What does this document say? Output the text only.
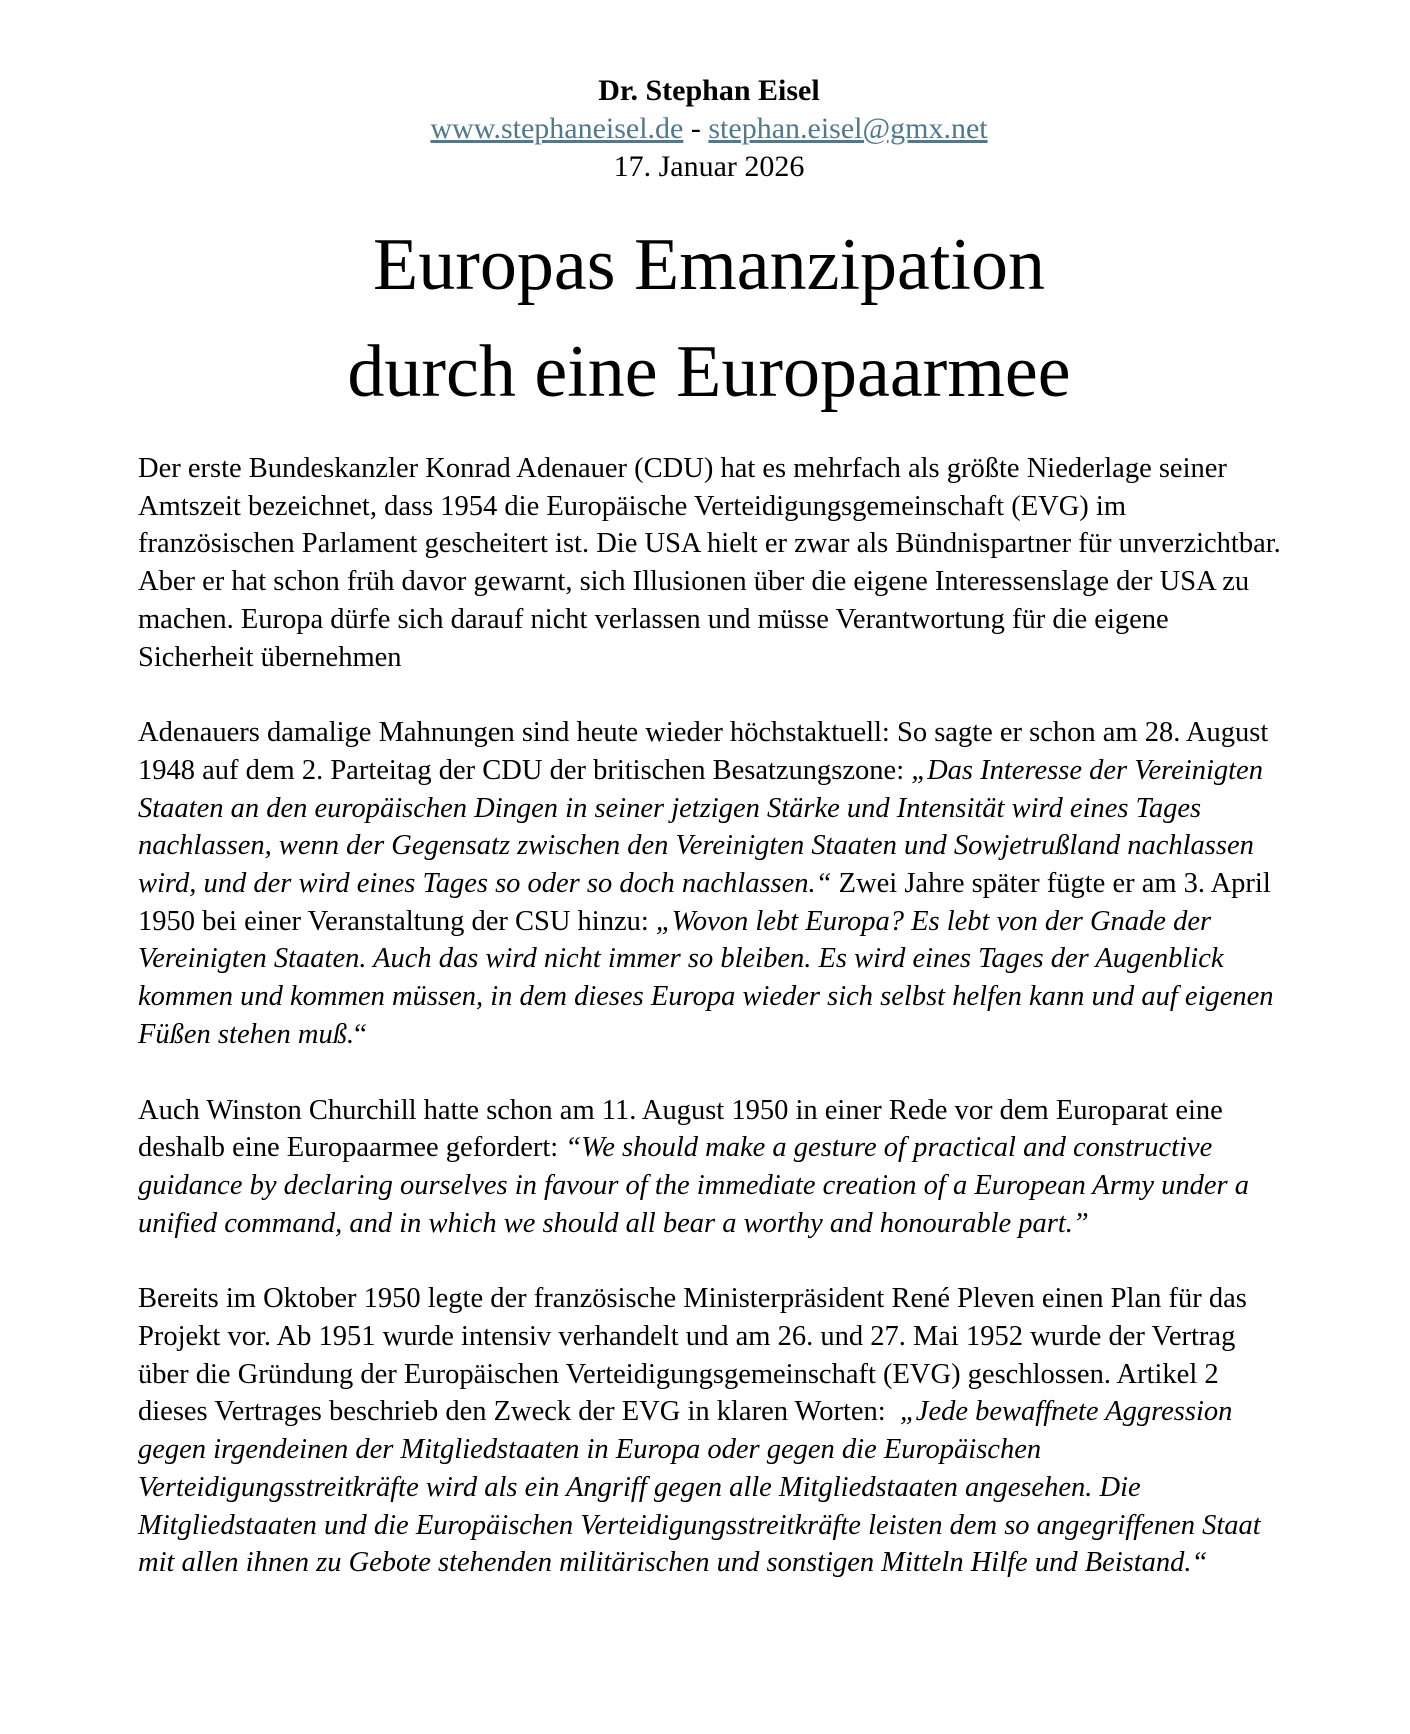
Dr. Stephan Eisel
www.stephaneisel.de - stephan.eisel@gmx.net
17. Januar 2026
Europas Emanzipation
durch eine Europaarmee

Der erste Bundeskanzler Konrad Adenauer (CDU) hat es mehrfach als größte Niederlage seiner Amtszeit bezeichnet, dass 1954 die Europäische Verteidigungsgemeinschaft (EVG) im französischen Parlament gescheitert ist. Die USA hielt er zwar als Bündnispartner für unverzichtbar. Aber er hat schon früh davor gewarnt, sich Illusionen über die eigene Interessenslage der USA zu machen. Europa dürfe sich darauf nicht verlassen und müsse Verantwortung für die eigene Sicherheit übernehmen

Adenauers damalige Mahnungen sind heute wieder höchstaktuell: So sagte er schon am 28. August 1948 auf dem 2. Parteitag der CDU der britischen Besatzungszone: „Das Interesse der Vereinigten Staaten an den europäischen Dingen in seiner jetzigen Stärke und Intensität wird eines Tages nachlassen, wenn der Gegensatz zwischen den Vereinigten Staaten und Sowjetrußland nachlassen wird, und der wird eines Tages so oder so doch nachlassen.“ Zwei Jahre später fügte er am 3. April 1950 bei einer Veranstaltung der CSU hinzu: „Wovon lebt Europa? Es lebt von der Gnade der Vereinigten Staaten. Auch das wird nicht immer so bleiben. Es wird eines Tages der Augenblick kommen und kommen müssen, in dem dieses Europa wieder sich selbst helfen kann und auf eigenen Füßen stehen muß.“

Auch Winston Churchill hatte schon am 11. August 1950 in einer Rede vor dem Europarat eine deshalb eine Europaarmee gefordert: “We should make a gesture of practical and constructive guidance by declaring ourselves in favour of the immediate creation of a European Army under a unified command, and in which we should all bear a worthy and honourable part.”

Bereits im Oktober 1950 legte der französische Ministerpräsident René Pleven einen Plan für das Projekt vor. Ab 1951 wurde intensiv verhandelt und am 26. und 27. Mai 1952 wurde der Vertrag über die Gründung der Europäischen Verteidigungsgemeinschaft (EVG) geschlossen. Artikel 2 dieses Vertrages beschrieb den Zweck der EVG in klaren Worten:  „Jede bewaffnete Aggression gegen irgendeinen der Mitgliedstaaten in Europa oder gegen die Europäischen Verteidigungsstreitkräfte wird als ein Angriff gegen alle Mitgliedstaaten angesehen. Die Mitgliedstaaten und die Europäischen Verteidigungsstreitkräfte leisten dem so angegriffenen Staat mit allen ihnen zu Gebote stehenden militärischen und sonstigen Mitteln Hilfe und Beistand.“
